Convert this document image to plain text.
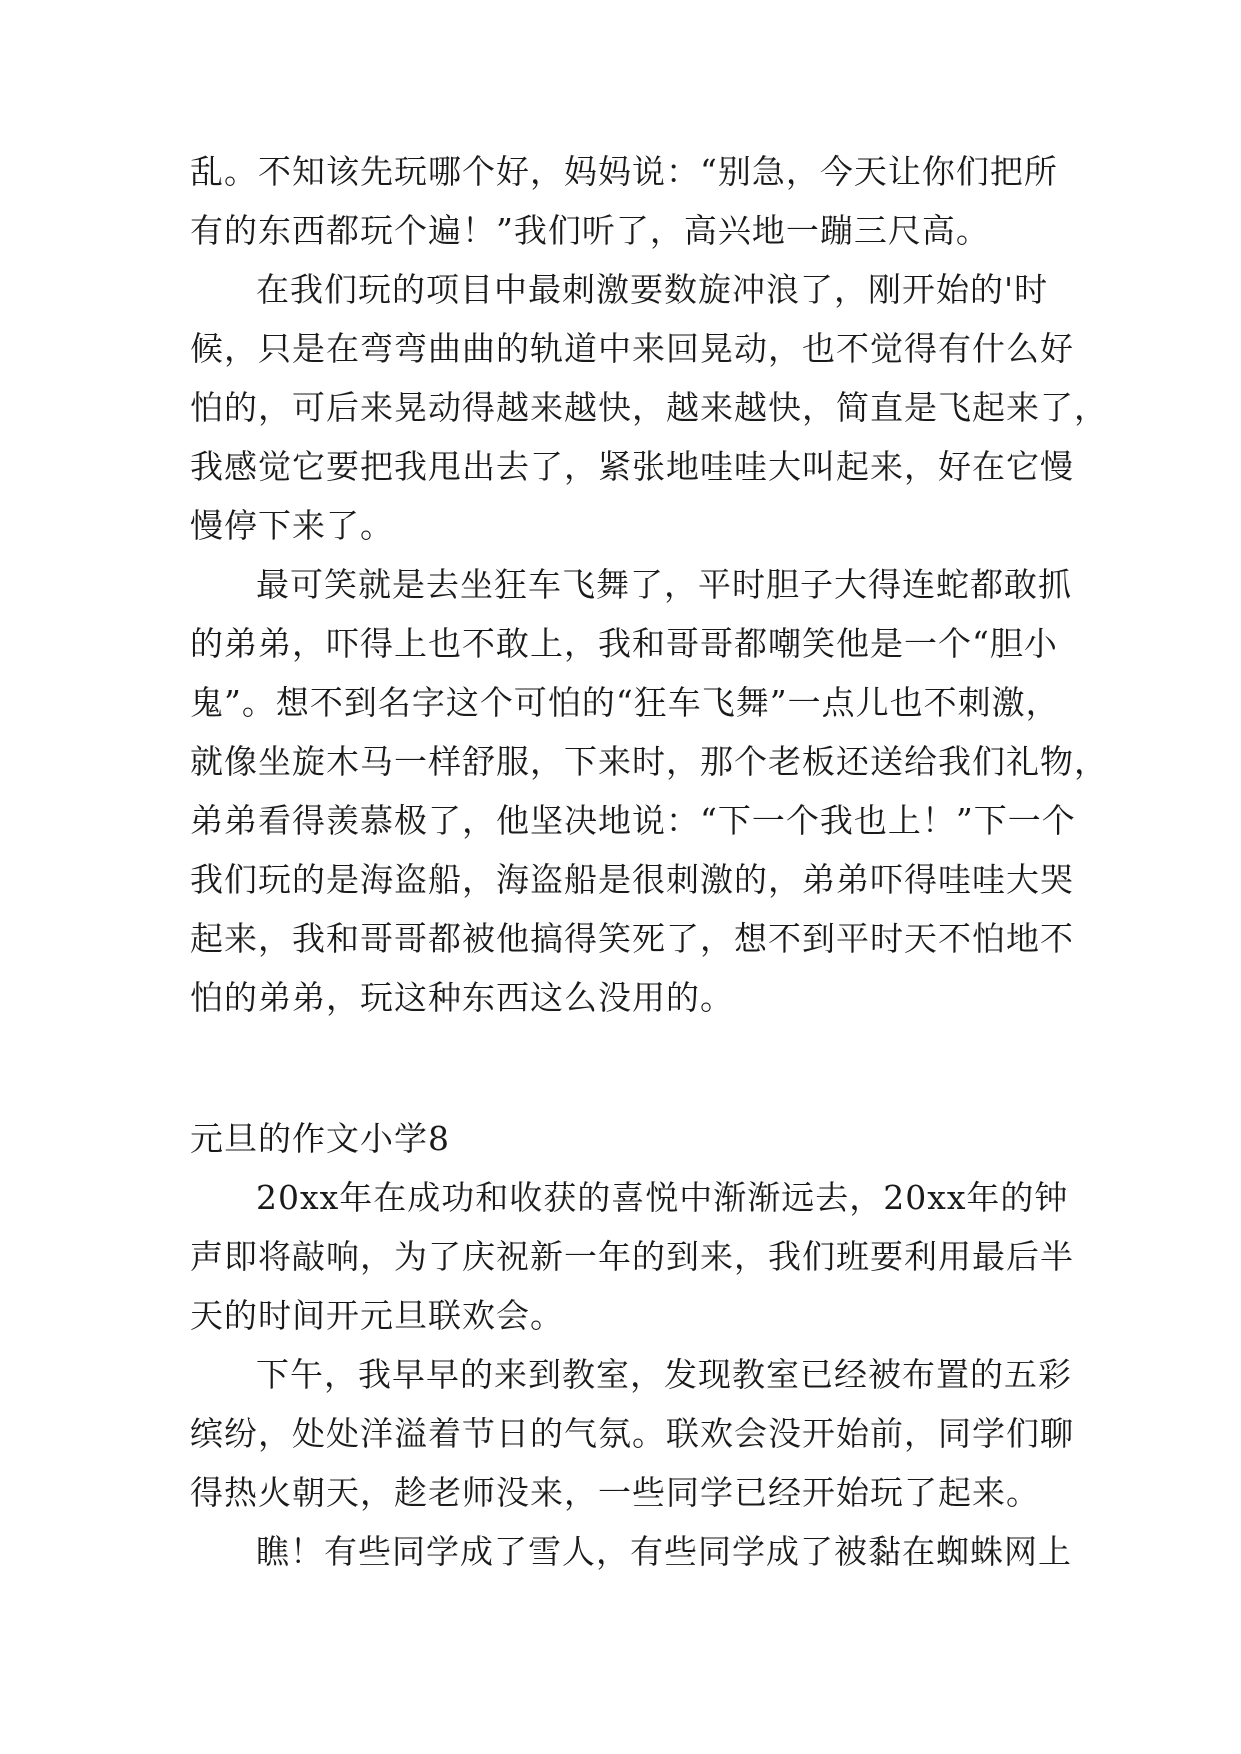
乱。不知该先玩哪个好，妈妈说：“别急，今天让你们把所
有的东西都玩个遍！”我们听了，高兴地一蹦三尺高。
在我们玩的项目中最刺激要数旋冲浪了，刚开始的'时
候，只是在弯弯曲曲的轨道中来回晃动，也不觉得有什么好
怕的，可后来晃动得越来越快，越来越快，简直是飞起来了，
我感觉它要把我甩出去了，紧张地哇哇大叫起来，好在它慢
慢停下来了。
最可笑就是去坐狂车飞舞了，平时胆子大得连蛇都敢抓
的弟弟，吓得上也不敢上，我和哥哥都嘲笑他是一个“胆小
鬼”。想不到名字这个可怕的“狂车飞舞”一点儿也不刺激，
就像坐旋木马一样舒服，下来时，那个老板还送给我们礼物，
弟弟看得羡慕极了，他坚决地说：“下一个我也上！”下一个
我们玩的是海盗船，海盗船是很刺激的，弟弟吓得哇哇大哭
起来，我和哥哥都被他搞得笑死了，想不到平时天不怕地不
怕的弟弟，玩这种东西这么没用的。
元旦的作文小学8
20xx年在成功和收获的喜悦中渐渐远去，20xx年的钟
声即将敲响，为了庆祝新一年的到来，我们班要利用最后半
天的时间开元旦联欢会。
下午，我早早的来到教室，发现教室已经被布置的五彩
缤纷，处处洋溢着节日的气氛。联欢会没开始前，同学们聊
得热火朝天，趁老师没来，一些同学已经开始玩了起来。
瞧！有些同学成了雪人，有些同学成了被黏在蜘蛛网上
